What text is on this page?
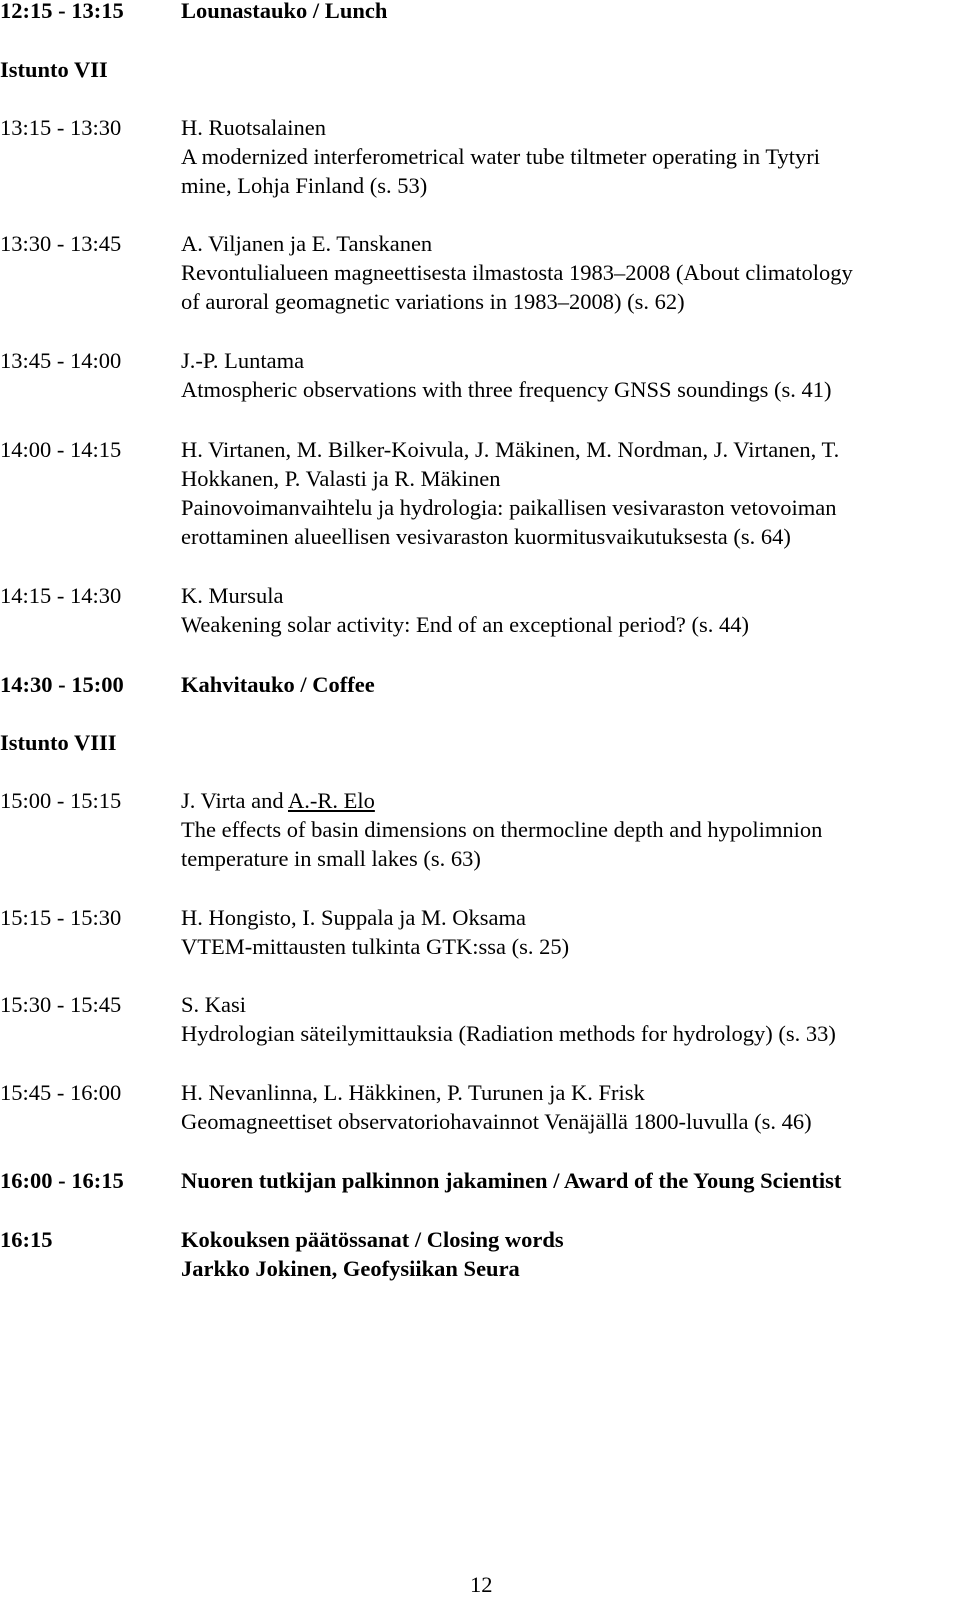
12:15 - 13:15	Lounastauko / Lunch
Istunto VII
13:15 - 13:30	H. Ruotsalainen
A modernized interferometrical water tube tiltmeter operating in Tytyri
mine, Lohja Finland (s. 53)
13:30 - 13:45	A. Viljanen ja E. Tanskanen
Revontulialueen magneettisesta ilmastosta 1983–2008 (About climatology
of auroral geomagnetic variations in 1983–2008) (s. 62)
13:45 - 14:00	J.-P. Luntama
Atmospheric observations with three frequency GNSS soundings (s. 41)
14:00 - 14:15	H. Virtanen, M. Bilker-Koivula, J. Mäkinen, M. Nordman, J. Virtanen, T.
Hokkanen, P. Valasti ja R. Mäkinen
Painovoimanvaihtelu ja hydrologia: paikallisen vesivaraston vetovoiman
erottaminen alueellisen vesivaraston kuormitusvaikutuksesta (s. 64)
14:15 - 14:30	K. Mursula
Weakening solar activity: End of an exceptional period? (s. 44)
14:30 - 15:00	Kahvitauko / Coffee
Istunto VIII
15:00 - 15:15	J. Virta and A.-R. Elo
The effects of basin dimensions on thermocline depth and hypolimnion
temperature in small lakes (s. 63)
15:15 - 15:30	H. Hongisto, I. Suppala ja M. Oksama
VTEM-mittausten tulkinta GTK:ssa (s. 25)
15:30 - 15:45	S. Kasi
Hydrologian säteilymittauksia (Radiation methods for hydrology) (s. 33)
15:45 - 16:00	H. Nevanlinna, L. Häkkinen, P. Turunen ja K. Frisk
Geomagneettiset observatoriohavainnot Venäjällä 1800-luvulla (s. 46)
16:00 - 16:15	Nuoren tutkijan palkinnon jakaminen / Award of the Young Scientist
16:15	Kokouksen päätössanat / Closing words
Jarkko Jokinen, Geofysiikan Seura
12
